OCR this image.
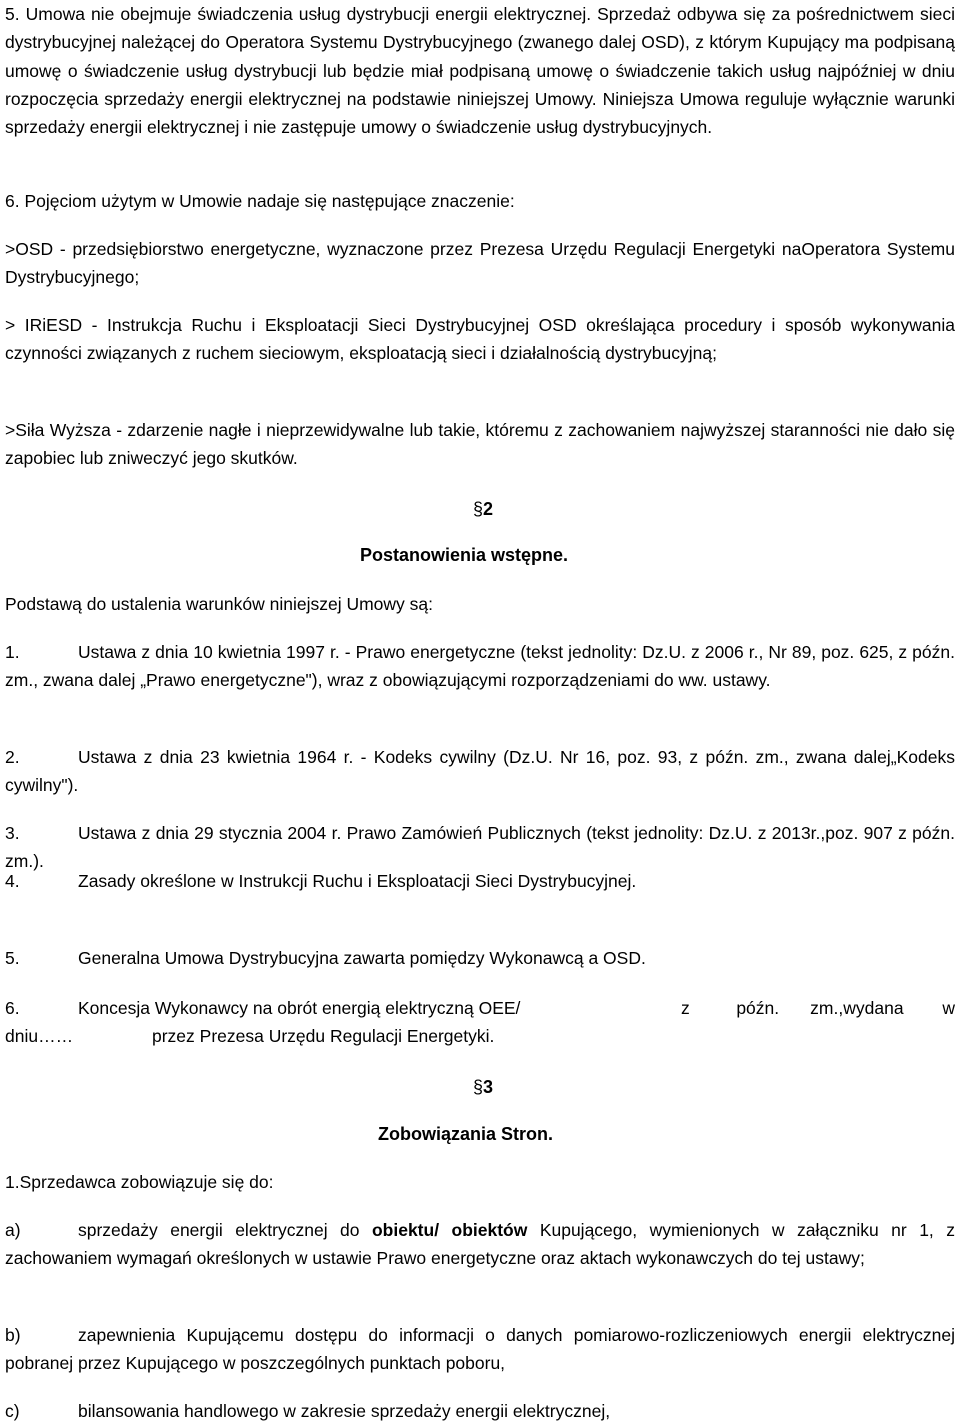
5. Umowa nie obejmuje świadczenia usług dystrybucji energii elektrycznej. Sprzedaż odbywa się za pośrednictwem sieci dystrybucyjnej należącej do Operatora Systemu Dystrybucyjnego (zwanego dalej OSD), z którym Kupujący ma podpisaną umowę o świadczenie usług dystrybucji lub będzie miał podpisaną umowę o świadczenie takich usług najpóźniej w dniu rozpoczęcia sprzedaży energii elektrycznej na podstawie niniejszej Umowy. Niniejsza Umowa reguluje wyłącznie warunki sprzedaży energii elektrycznej i nie zastępuje umowy o świadczenie usług dystrybucyjnych.

6. Pojęciom użytym w Umowie nadaje się następujące znaczenie:

>OSD - przedsiębiorstwo energetyczne, wyznaczone przez Prezesa Urzędu Regulacji Energetyki naOperatora Systemu Dystrybucyjnego;

> IRiESD - Instrukcja Ruchu i Eksploatacji Sieci Dystrybucyjnej OSD określająca procedury i sposób wykonywania czynności związanych z ruchem sieciowym, eksploatacją sieci i działalnością dystrybucyjną;

>Siła Wyższa - zdarzenie nagłe i nieprzewidywalne lub takie, któremu z zachowaniem najwyższej staranności nie dało się zapobiec lub zniweczyć jego skutków.

§2
Postanowienia wstępne.

Podstawą do ustalenia warunków niniejszej Umowy są:

1.	Ustawa z dnia 10 kwietnia 1997 r. - Prawo energetyczne (tekst jednolity: Dz.U. z 2006 r., Nr 89, poz. 625, z późn. zm., zwana dalej „Prawo energetyczne"), wraz z obowiązującymi rozporządzeniami do ww. ustawy.

2.	Ustawa z dnia 23 kwietnia 1964 r. - Kodeks cywilny (Dz.U. Nr 16, poz. 93, z późn. zm., zwana dalej„Kodeks cywilny").

3.	Ustawa z dnia 29 stycznia 2004 r. Prawo Zamówień Publicznych (tekst jednolity: Dz.U. z 2013r.,poz. 907 z późn. zm.).

4.	Zasady określone w Instrukcji Ruchu i Eksploatacji Sieci Dystrybucyjnej.

5.	Generalna Umowa Dystrybucyjna zawarta pomiędzy Wykonawcą a OSD.

6.	Koncesja Wykonawcy na obrót energią elektryczną OEE/	z      późn.    zm.,wydana     w
dniu……	przez Prezesa Urzędu Regulacji Energetyki.
§3
Zobowiązania Stron.

1.Sprzedawca zobowiązuje się do:

a)	sprzedaży energii elektrycznej do obiektu/ obiektów Kupującego, wymienionych w załączniku nr 1, z zachowaniem wymagań określonych w ustawie Prawo energetyczne oraz aktach wykonawczych do tej ustawy;

b)	zapewnienia Kupującemu dostępu do informacji o danych pomiarowo-rozliczeniowych energii elektrycznej pobranej przez Kupującego w poszczególnych punktach poboru,

c)	bilansowania handlowego w zakresie sprzedaży energii elektrycznej,
